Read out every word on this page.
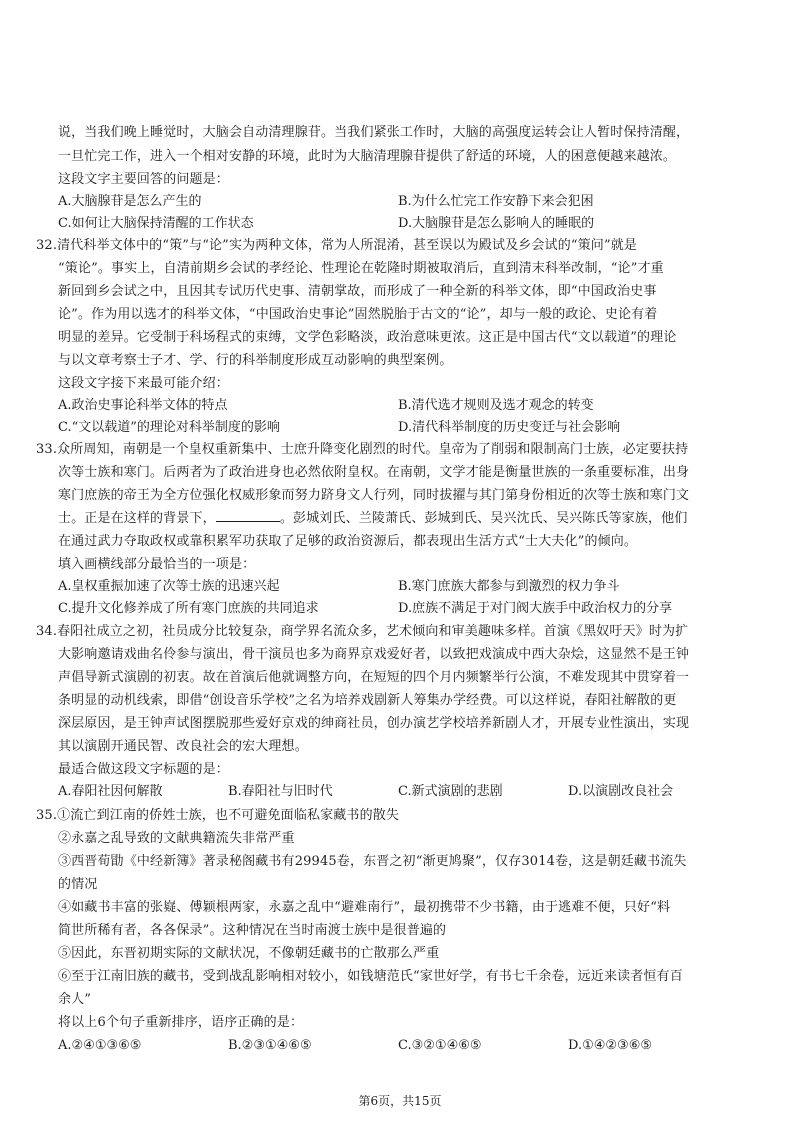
说，当我们晚上睡觉时，大脑会自动清理腺苷。当我们紧张工作时，大脑的高强度运转会让人暂时保持清醒，
一旦忙完工作，进入一个相对安静的环境，此时为大脑清理腺苷提供了舒适的环境，人的困意便越来越浓。
这段文字主要回答的问题是：
A.大脑腺苷是怎么产生的	B.为什么忙完工作安静下来会犯困
C.如何让大脑保持清醒的工作状态	D.大脑腺苷是怎么影响人的睡眠的
32.清代科举文体中的“策”与“论”实为两种文体，常为人所混淆，甚至误以为殿试及乡会试的“策问”就是
“策论”。事实上，自清前期乡会试的孝经论、性理论在乾隆时期被取消后，直到清末科举改制，“论”才重
新回到乡会试之中，且因其专试历代史事、清朝掌故，而形成了一种全新的科举文体，即“中国政治史事
论”。作为用以选才的科举文体，“中国政治史事论”固然脱胎于古文的“论”，却与一般的政论、史论有着
明显的差异。它受制于科场程式的束缚，文学色彩略淡，政治意味更浓。这正是中国古代“文以载道”的理论
与以文章考察士子才、学、行的科举制度形成互动影响的典型案例。
这段文字接下来最可能介绍：
A.政治史事论科举文体的特点	B.清代选才规则及选才观念的转变
C.“文以载道”的理论对科举制度的影响	D.清代科举制度的历史变迁与社会影响
33.众所周知，南朝是一个皇权重新集中、士庶升降变化剧烈的时代。皇帝为了削弱和限制高门士族，必定要扶持
次等士族和寒门。后两者为了政治进身也必然依附皇权。在南朝，文学才能是衡量世族的一条重要标准，出身
寒门庶族的帝王为全方位强化权威形象而努力跻身文人行列，同时拔擢与其门第身份相近的次等士族和寒门文
士。正是在这样的背景下，	。彭城刘氏、兰陵萧氏、彭城到氏、吴兴沈氏、吴兴陈氏等家族，他们
在通过武力夺取政权或靠积累军功获取了足够的政治资源后，都表现出生活方式“士大夫化”的倾向。
填入画横线部分最恰当的一项是：
A.皇权重振加速了次等士族的迅速兴起	B.寒门庶族大都参与到激烈的权力争斗
C.提升文化修养成了所有寒门庶族的共同追求	D.庶族不满足于对门阀大族手中政治权力的分享
34.春阳社成立之初，社员成分比较复杂，商学界名流众多，艺术倾向和审美趣味多样。首演《黑奴吁天》时为扩
大影响邀请戏曲名伶参与演出，骨干演员也多为商界京戏爱好者，以致把戏演成中西大杂烩，这显然不是王钟
声倡导新式演剧的初衷。故在首演后他就调整方向，在短短的四个月内频繁举行公演，不难发现其中贯穿着一
条明显的动机线索，即借“创设音乐学校”之名为培养戏剧新人筹集办学经费。可以这样说，春阳社解散的更
深层原因，是王钟声试图摆脱那些爱好京戏的绅商社员，创办演艺学校培养新剧人才，开展专业性演出，实现
其以演剧开通民智、改良社会的宏大理想。
最适合做这段文字标题的是：
A.春阳社因何解散	B.春阳社与旧时代	C.新式演剧的悲剧	D.以演剧改良社会
35.①流亡到江南的侨姓士族，也不可避免面临私家藏书的散失
②永嘉之乱导致的文献典籍流失非常严重
③西晋荀勖《中经新簿》著录秘阁藏书有29945卷，东晋之初“渐更鸠聚”，仅存3014卷，这是朝廷藏书流失
的情况
④如藏书丰富的张嶷、傅颖根两家，永嘉之乱中“避难南行”，最初携带不少书籍，由于逃难不便，只好“料
简世所稀有者，各各保录”。这种情况在当时南渡士族中是很普遍的
⑤因此，东晋初期实际的文献状况，不像朝廷藏书的亡散那么严重
⑥至于江南旧族的藏书，受到战乱影响相对较小，如钱塘范氏“家世好学，有书七千余卷，远近来读者恒有百
余人”
将以上6个句子重新排序，语序正确的是：
A.②④①③⑥⑤	B.②③①④⑥⑤	C.③②①④⑥⑤	D.①④②③⑥⑤
第6页，共15页
